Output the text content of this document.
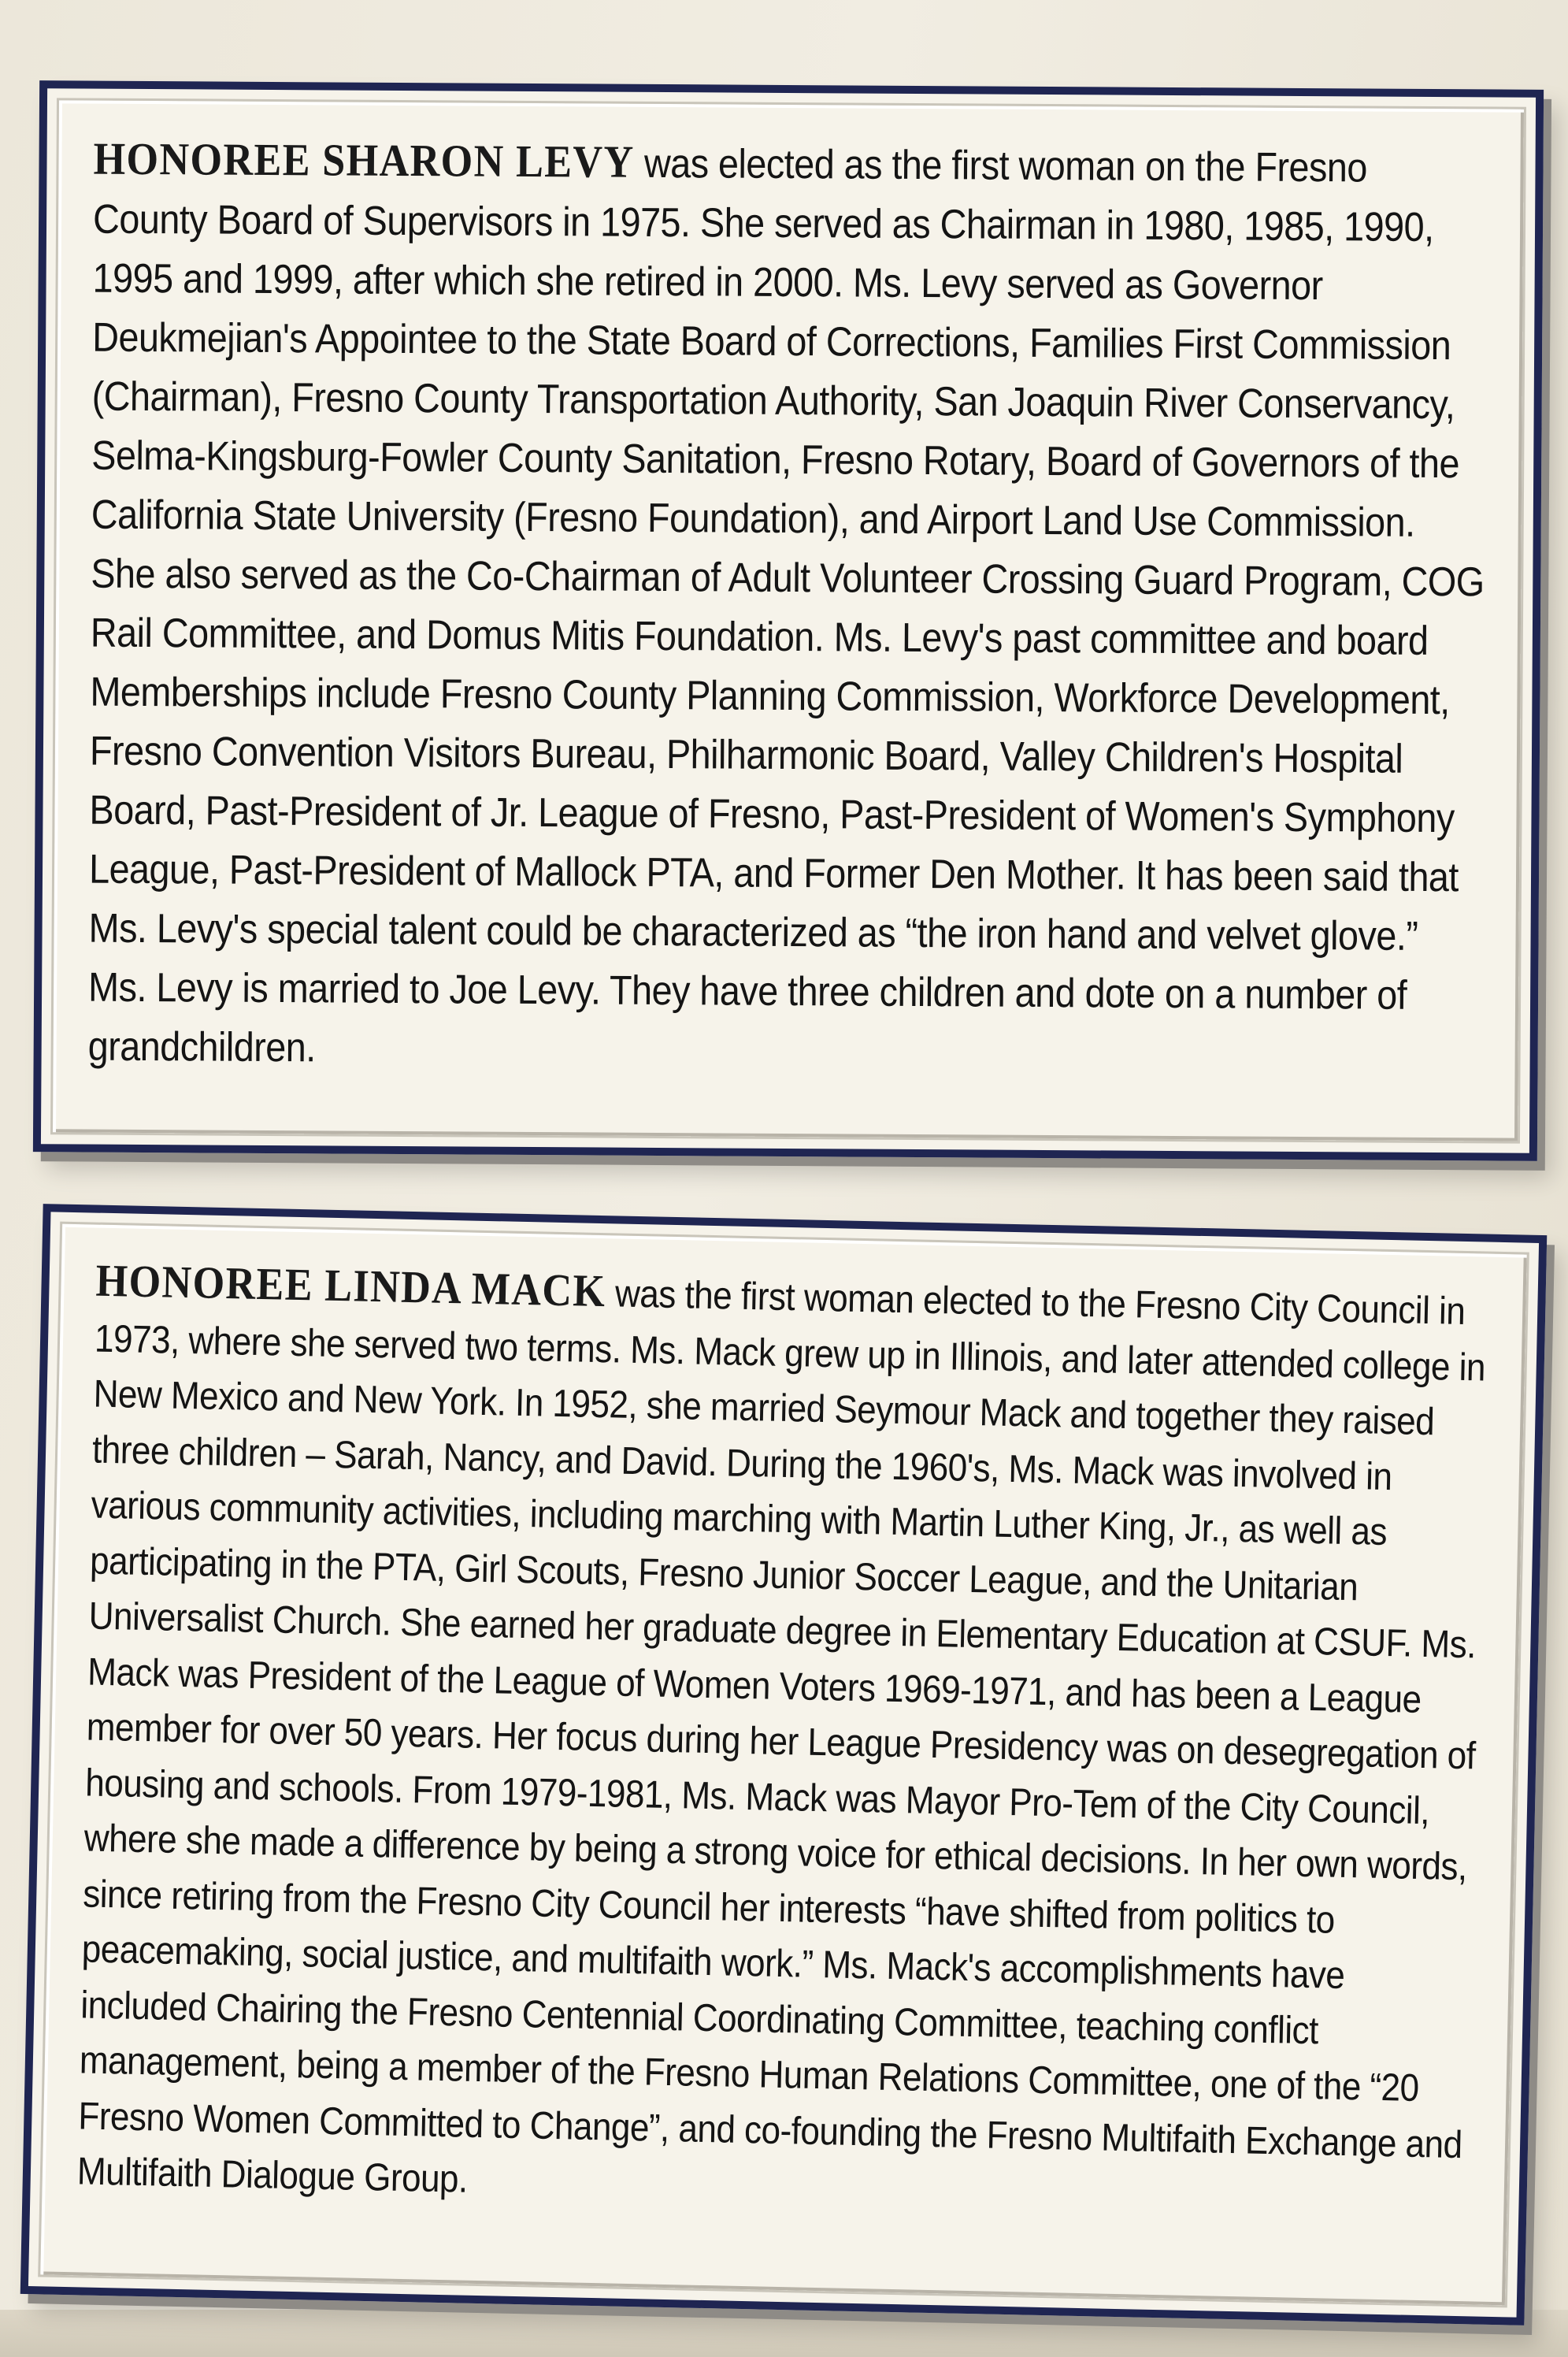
HONOREE SHARON LEVY was elected as the first woman on the Fresno County Board of Supervisors in 1975. She served as Chairman in 1980, 1985, 1990, 1995 and 1999, after which she retired in 2000. Ms. Levy served as Governor Deukmejian's Appointee to the State Board of Corrections, Families First Commission (Chairman), Fresno County Transportation Authority, San Joaquin River Conservancy, Selma-Kingsburg-Fowler County Sanitation, Fresno Rotary, Board of Governors of the California State University (Fresno Foundation), and Airport Land Use Commission. She also served as the Co-Chairman of Adult Volunteer Crossing Guard Program, COG Rail Committee, and Domus Mitis Foundation. Ms. Levy's past committee and board Memberships include Fresno County Planning Commission, Workforce Development, Fresno Convention Visitors Bureau, Philharmonic Board, Valley Children's Hospital Board, Past-President of Jr. League of Fresno, Past-President of Women's Symphony League, Past-President of Mallock PTA, and Former Den Mother. It has been said that Ms. Levy's special talent could be characterized as “the iron hand and velvet glove.” Ms. Levy is married to Joe Levy. They have three children and dote on a number of grandchildren.

HONOREE LINDA MACK was the first woman elected to the Fresno City Council in 1973, where she served two terms. Ms. Mack grew up in Illinois, and later attended college in New Mexico and New York. In 1952, she married Seymour Mack and together they raised three children – Sarah, Nancy, and David. During the 1960's, Ms. Mack was involved in various community activities, including marching with Martin Luther King, Jr., as well as participating in the PTA, Girl Scouts, Fresno Junior Soccer League, and the Unitarian Universalist Church. She earned her graduate degree in Elementary Education at CSUF. Ms. Mack was President of the League of Women Voters 1969-1971, and has been a League member for over 50 years. Her focus during her League Presidency was on desegregation of housing and schools. From 1979-1981, Ms. Mack was Mayor Pro-Tem of the City Council, where she made a difference by being a strong voice for ethical decisions. In her own words, since retiring from the Fresno City Council her interests “have shifted from politics to peacemaking, social justice, and multifaith work.” Ms. Mack's accomplishments have included Chairing the Fresno Centennial Coordinating Committee, teaching conflict management, being a member of the Fresno Human Relations Committee, one of the “20 Fresno Women Committed to Change”, and co-founding the Fresno Multifaith Exchange and Multifaith Dialogue Group.
